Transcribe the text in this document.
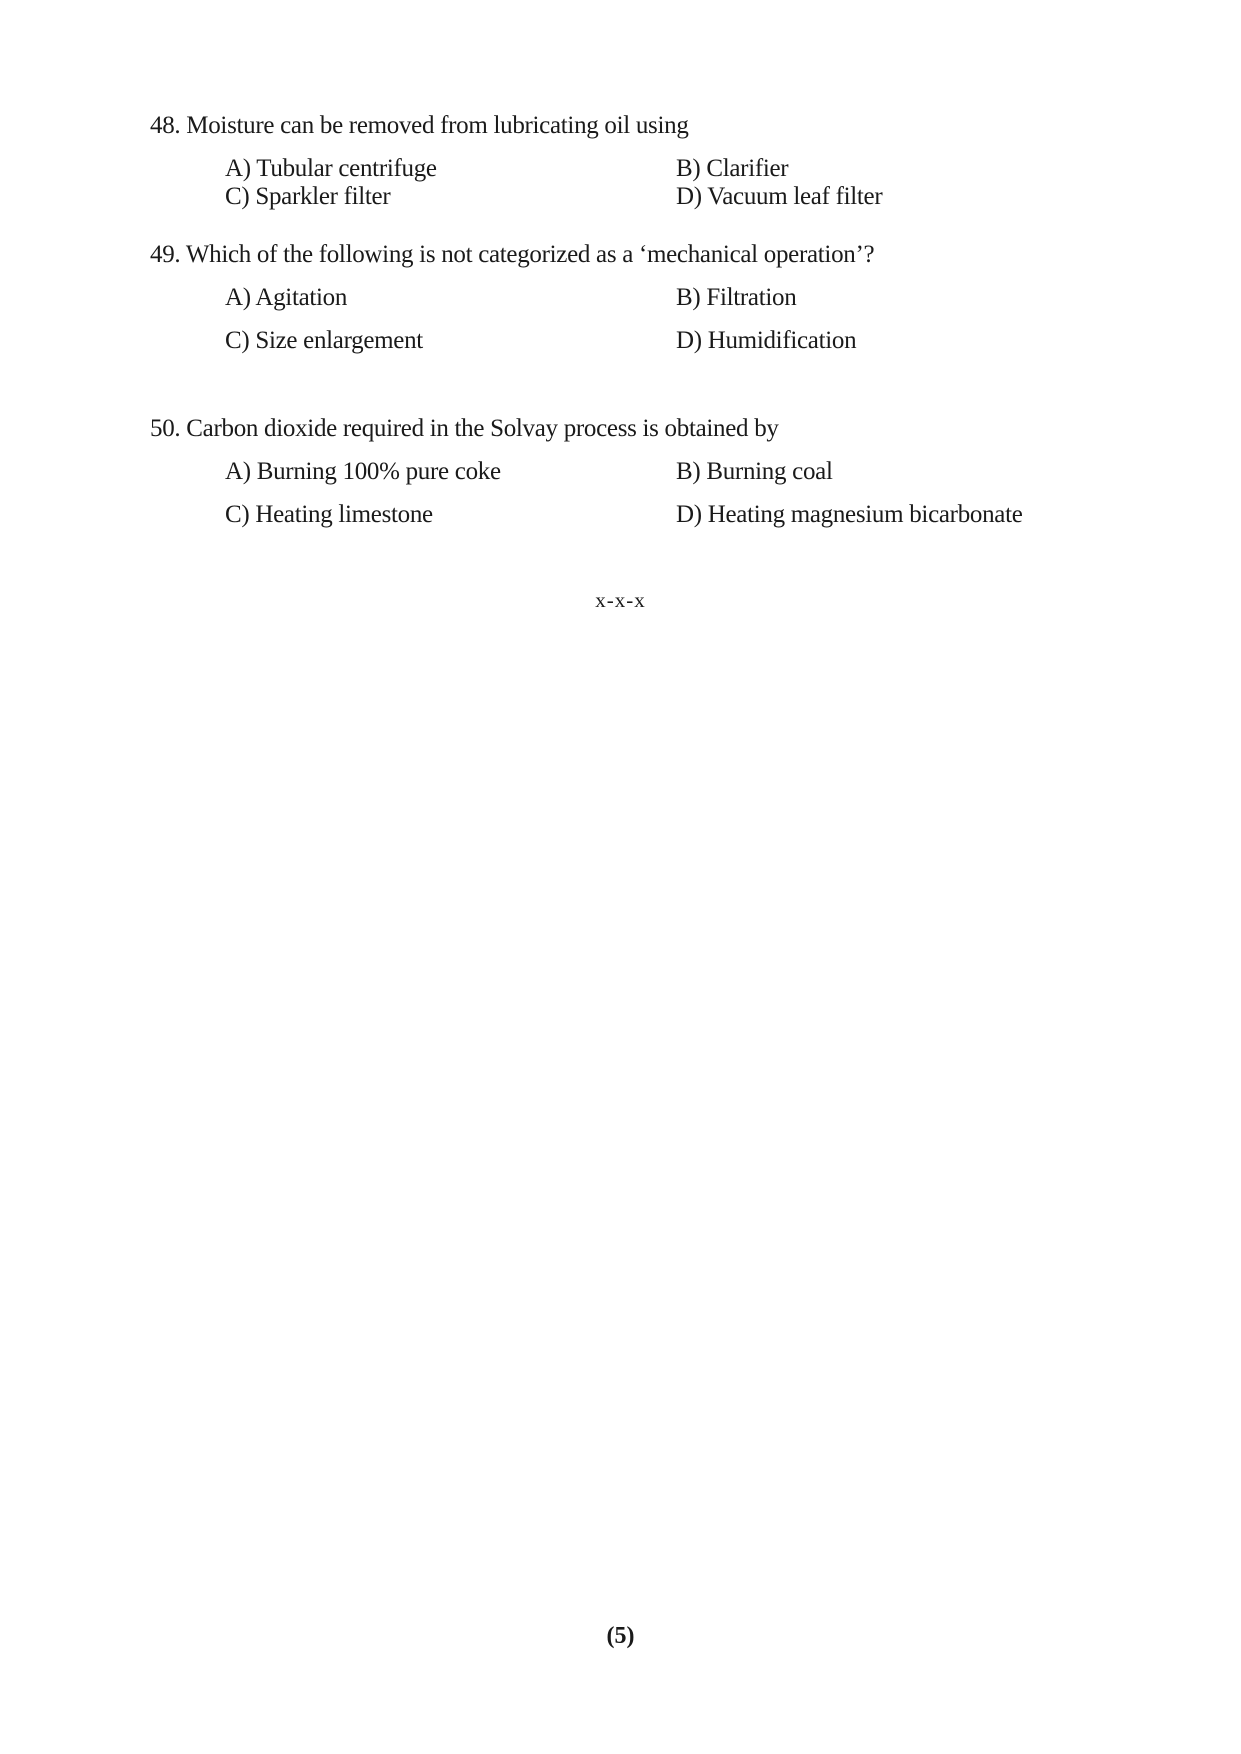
48. Moisture can be removed from lubricating oil using
A) Tubular centrifuge	B) Clarifier
C) Sparkler filter	D) Vacuum leaf filter
49. Which of the following is not categorized as a ‘mechanical operation’?
A) Agitation	B) Filtration
C) Size enlargement	D) Humidification
50. Carbon dioxide required in the Solvay process is obtained by
A) Burning 100% pure coke	B) Burning coal
C) Heating limestone	D) Heating magnesium bicarbonate
x-x-x
(5)
